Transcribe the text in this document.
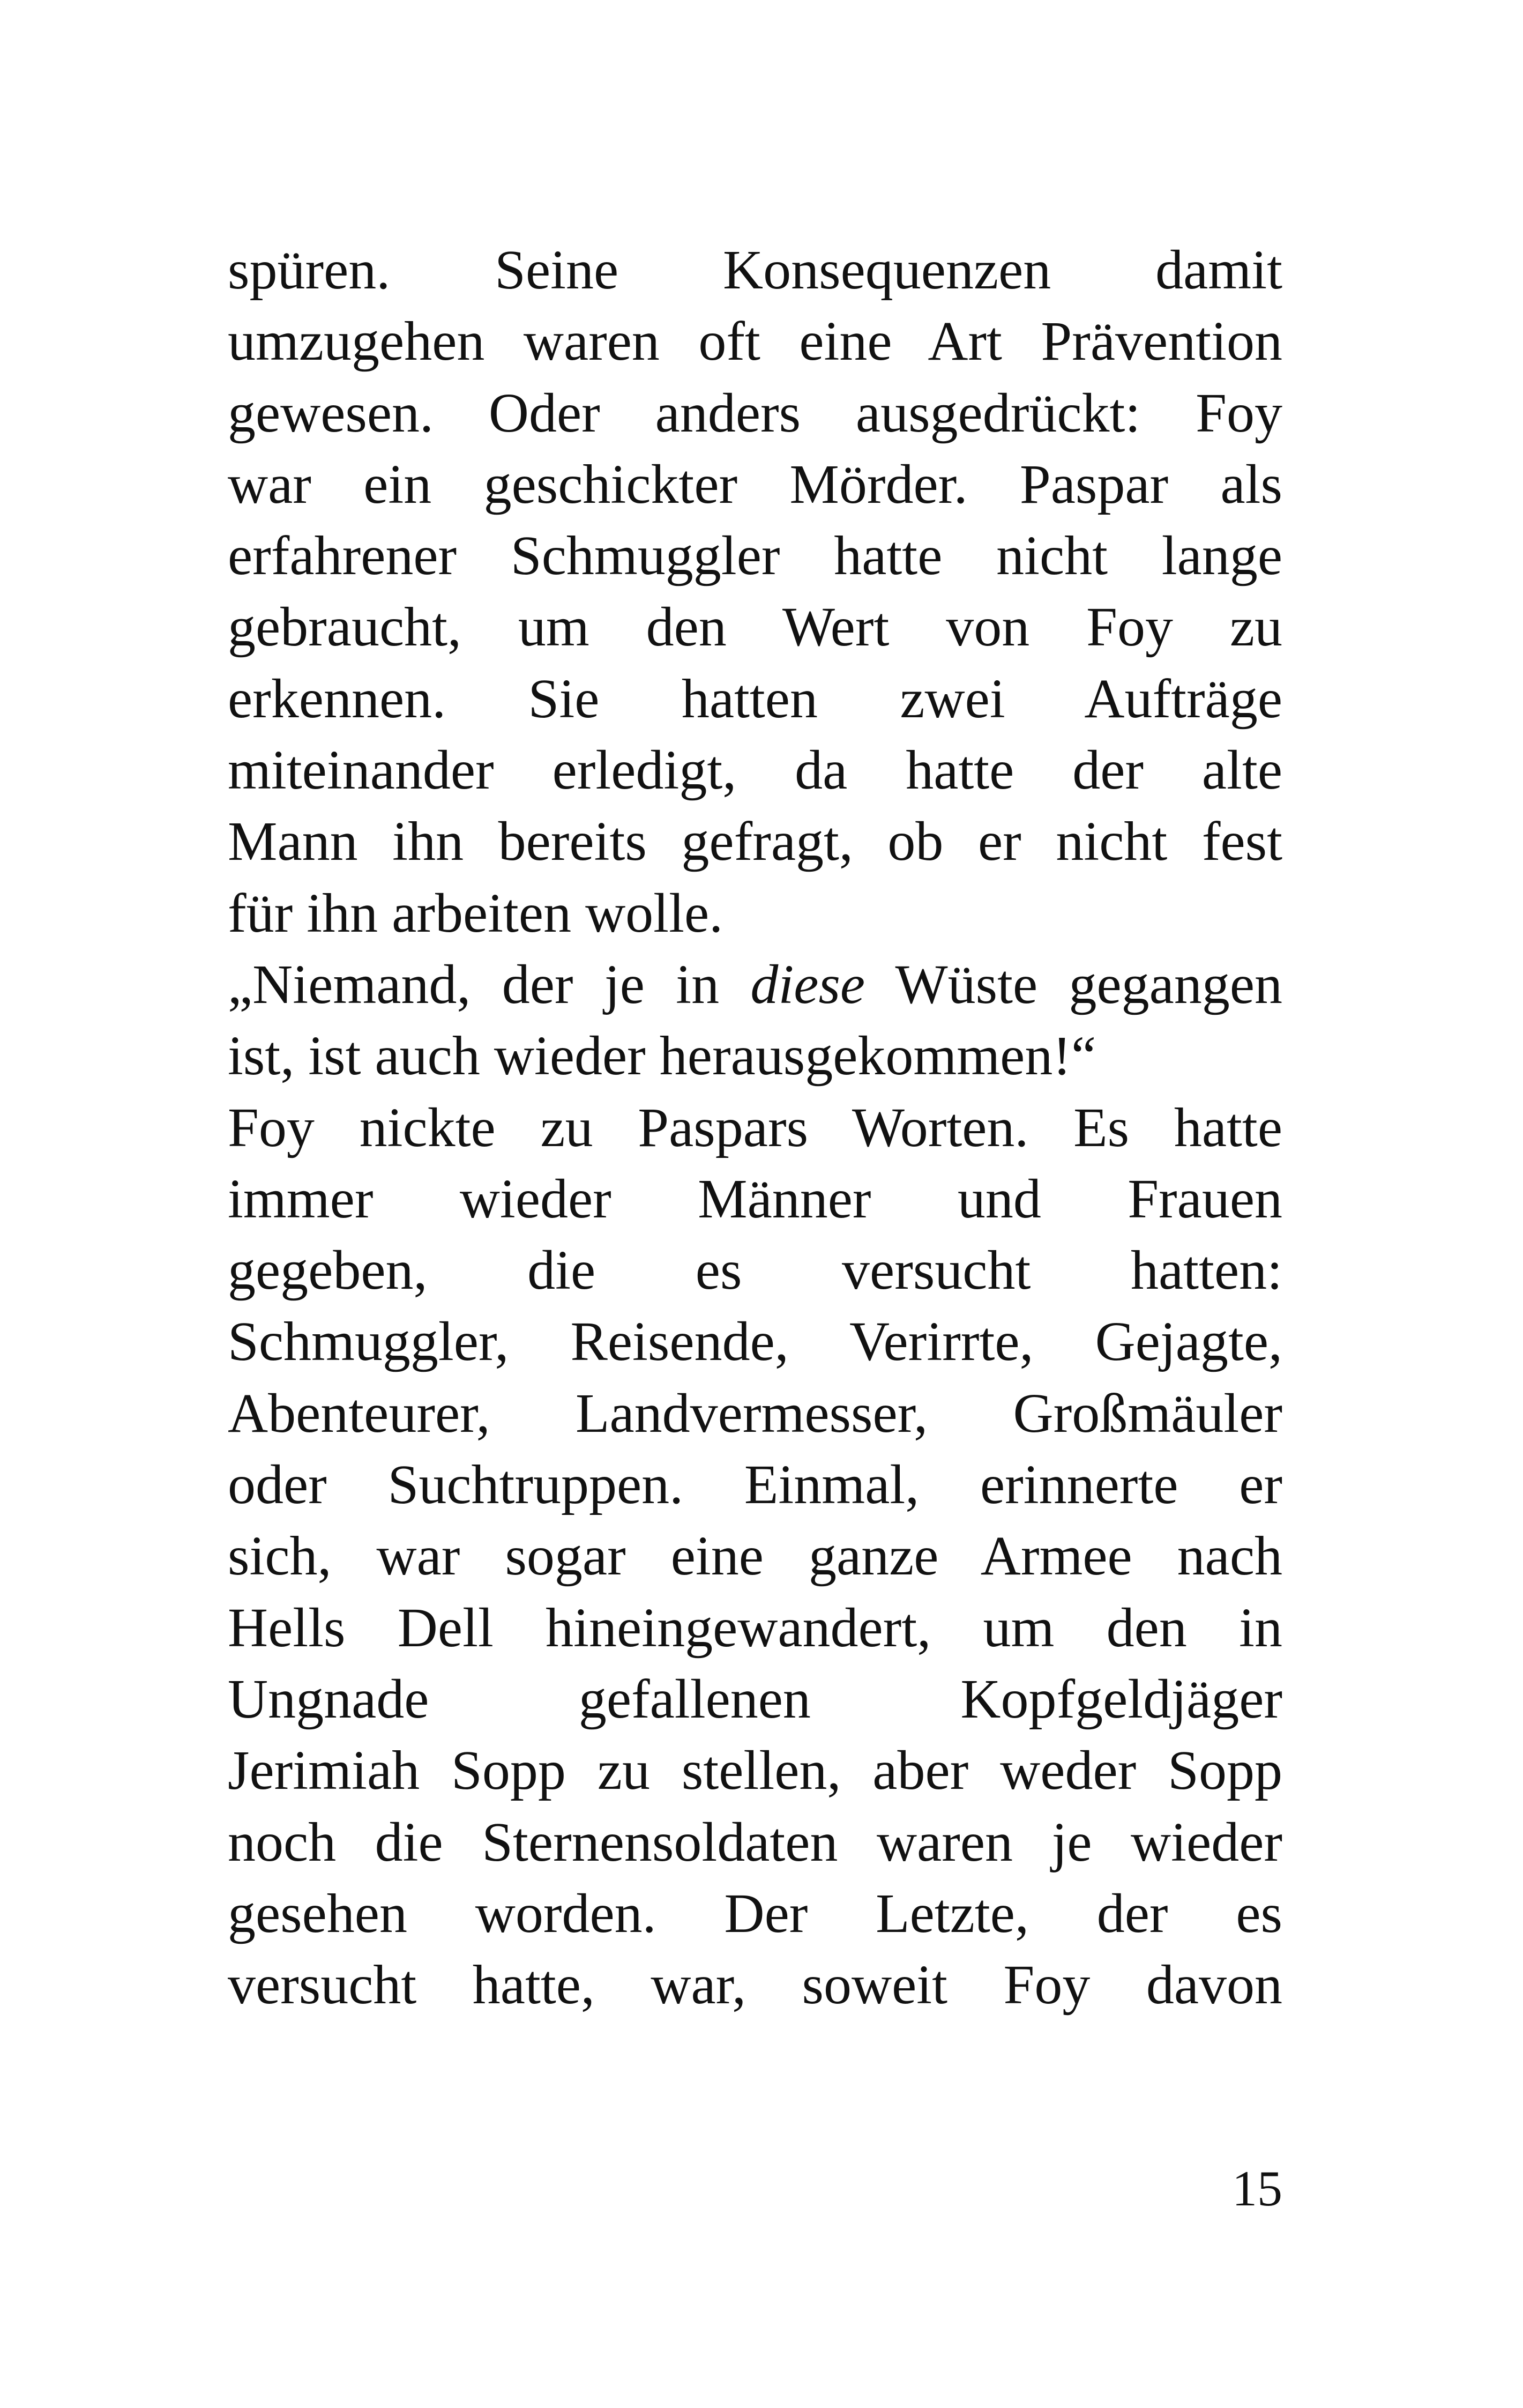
spüren. Seine Konsequenzen damit
umzugehen waren oft eine Art Prävention
gewesen. Oder anders ausgedrückt: Foy
war ein geschickter Mörder. Paspar als
erfahrener Schmuggler hatte nicht lange
gebraucht, um den Wert von Foy zu
erkennen. Sie hatten zwei Aufträge
miteinander erledigt, da hatte der alte
Mann ihn bereits gefragt, ob er nicht fest
für ihn arbeiten wolle.
„Niemand, der je in diese Wüste gegangen
ist, ist auch wieder herausgekommen!“
Foy nickte zu Paspars Worten. Es hatte
immer wieder Männer und Frauen
gegeben, die es versucht hatten:
Schmuggler, Reisende, Verirrte, Gejagte,
Abenteurer, Landvermesser, Großmäuler
oder Suchtruppen. Einmal, erinnerte er
sich, war sogar eine ganze Armee nach
Hells Dell hineingewandert, um den in
Ungnade gefallenen Kopfgeldjäger
Jerimiah Sopp zu stellen, aber weder Sopp
noch die Sternensoldaten waren je wieder
gesehen worden. Der Letzte, der es
versucht hatte, war, soweit Foy davon
15
